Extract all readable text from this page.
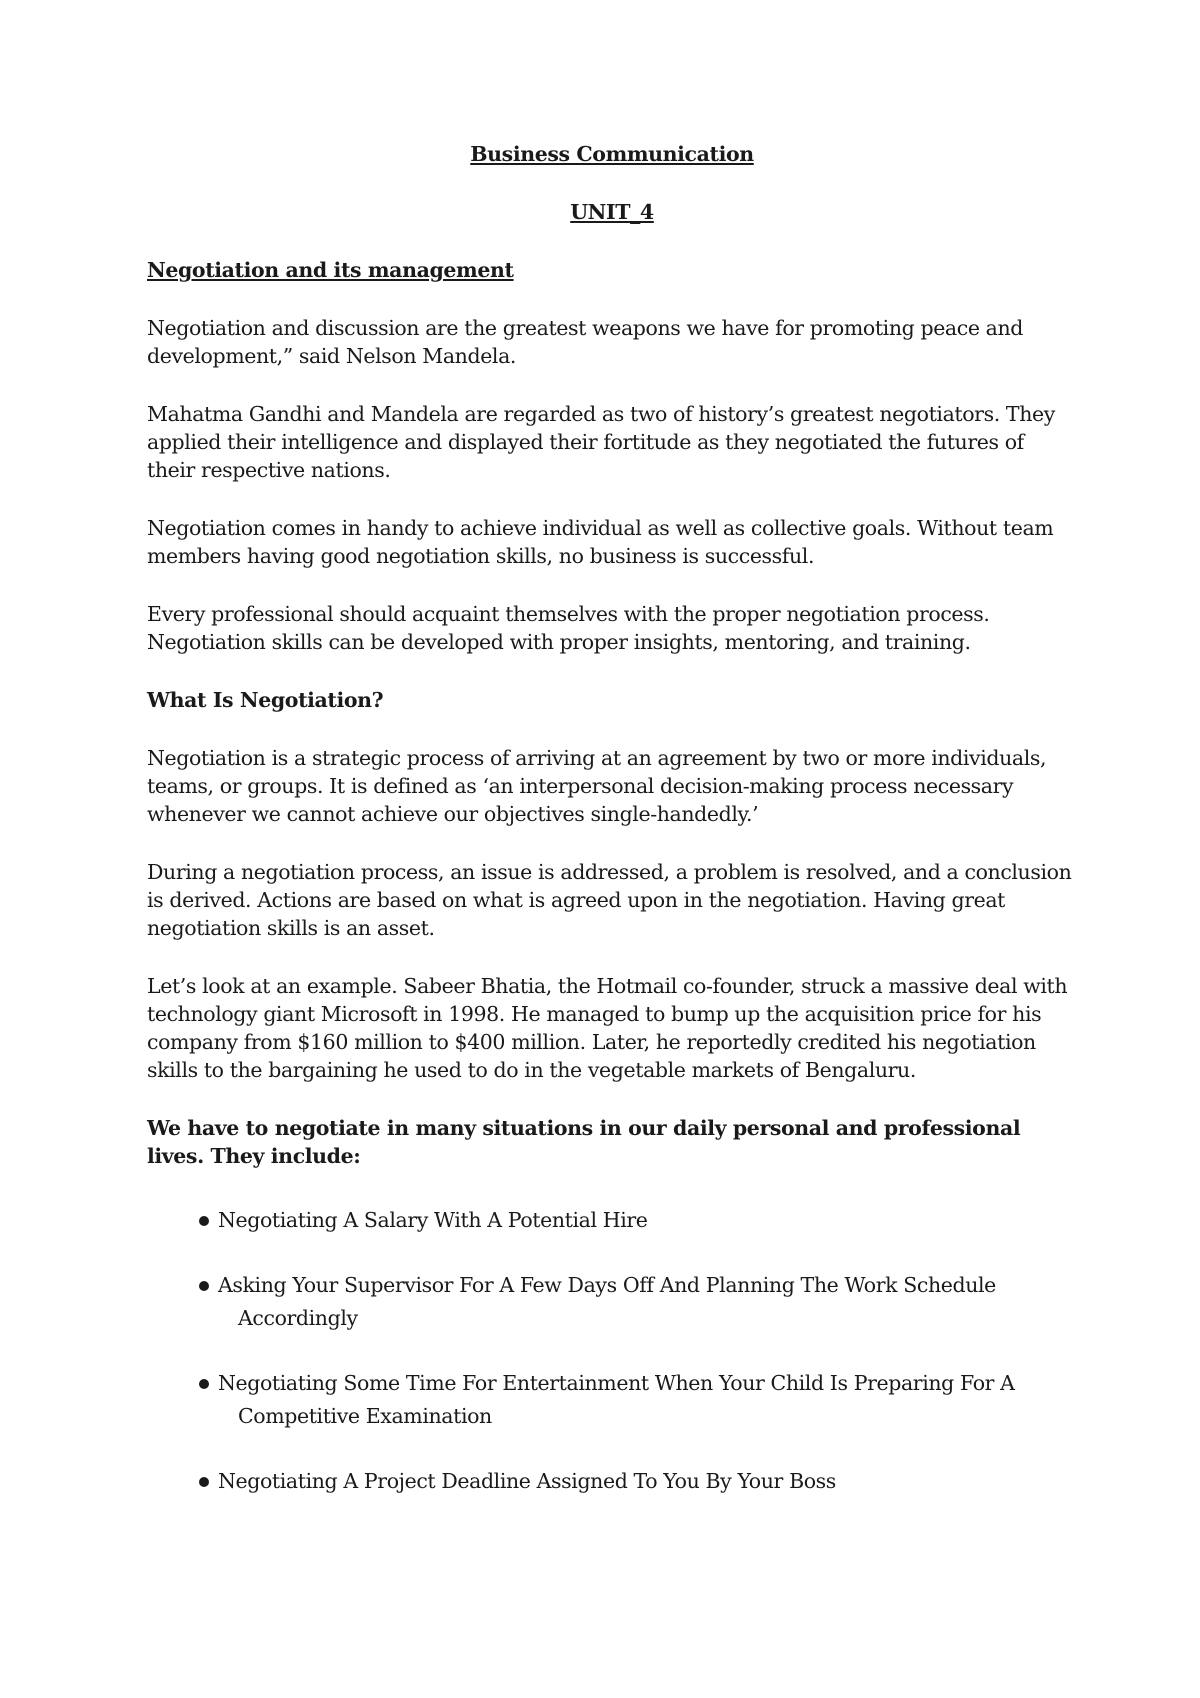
Business Communication
UNIT_4
Negotiation and its management

Negotiation and discussion are the greatest weapons we have for promoting peace and development,” said Nelson Mandela.

Mahatma Gandhi and Mandela are regarded as two of history’s greatest negotiators. They applied their intelligence and displayed their fortitude as they negotiated the futures of their respective nations.

Negotiation comes in handy to achieve individual as well as collective goals. Without team members having good negotiation skills, no business is successful.

Every professional should acquaint themselves with the proper negotiation process. Negotiation skills can be developed with proper insights, mentoring, and training.

What Is Negotiation?

Negotiation is a strategic process of arriving at an agreement by two or more individuals, teams, or groups. It is defined as ‘an interpersonal decision-making process necessary whenever we cannot achieve our objectives single-handedly.’

During a negotiation process, an issue is addressed, a problem is resolved, and a conclusion is derived. Actions are based on what is agreed upon in the negotiation. Having great negotiation skills is an asset.

Let’s look at an example. Sabeer Bhatia, the Hotmail co-founder, struck a massive deal with technology giant Microsoft in 1998. He managed to bump up the acquisition price for his company from $160 million to $400 million. Later, he reportedly credited his negotiation skills to the bargaining he used to do in the vegetable markets of Bengaluru.

We have to negotiate in many situations in our daily personal and professional lives. They include:
Negotiating A Salary With A Potential Hire
Asking Your Supervisor For A Few Days Off And Planning The Work Schedule
Accordingly
Negotiating Some Time For Entertainment When Your Child Is Preparing For A
Competitive Examination
Negotiating A Project Deadline Assigned To You By Your Boss
